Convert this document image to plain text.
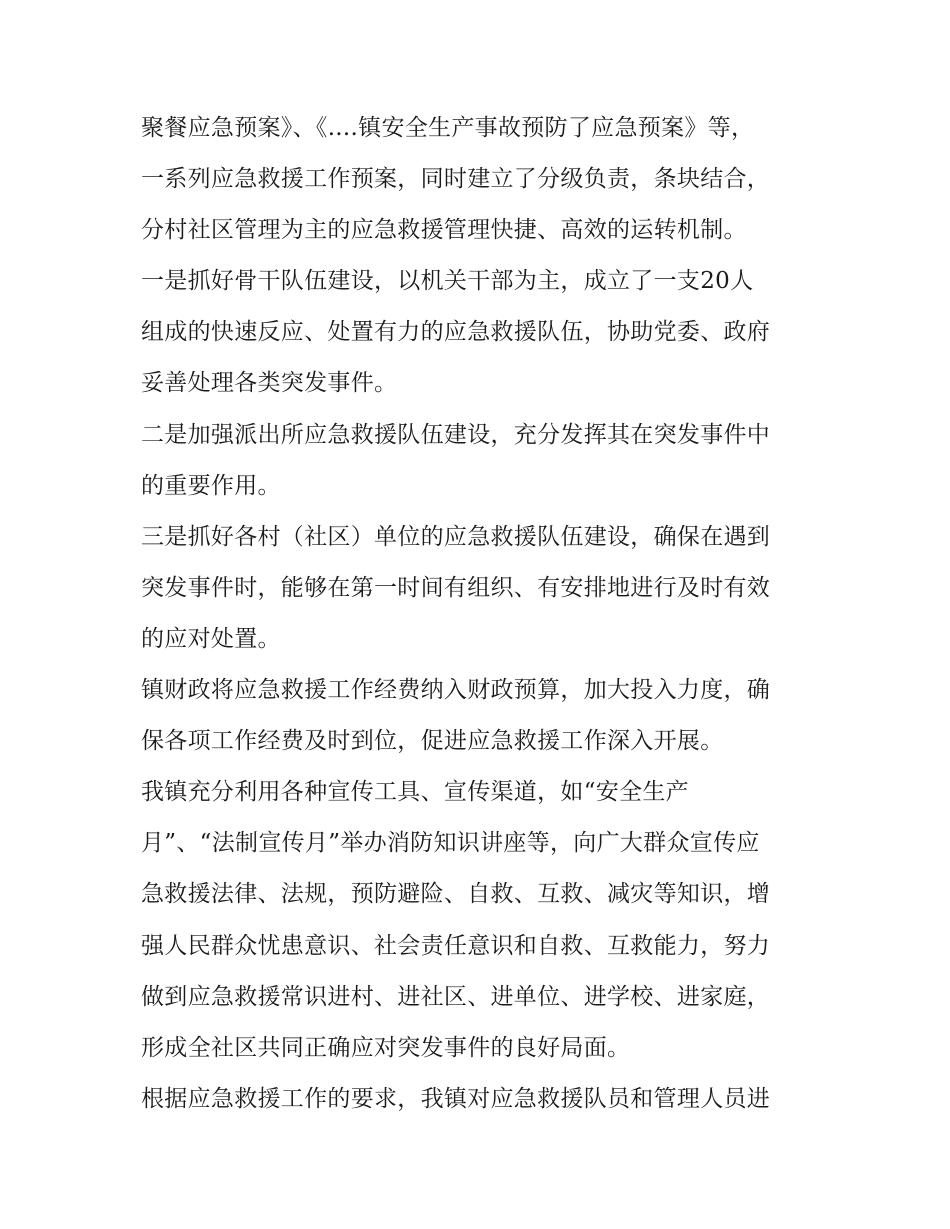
聚餐应急预案》、《....镇安全生产事故预防了应急预案》等，
一系列应急救援工作预案，同时建立了分级负责，条块结合，
分村社区管理为主的应急救援管理快捷、高效的运转机制。
一是抓好骨干队伍建设，以机关干部为主，成立了一支20人
组成的快速反应、处置有力的应急救援队伍，协助党委、政府
妥善处理各类突发事件。
二是加强派出所应急救援队伍建设，充分发挥其在突发事件中
的重要作用。
三是抓好各村（社区）单位的应急救援队伍建设，确保在遇到
突发事件时，能够在第一时间有组织、有安排地进行及时有效
的应对处置。
镇财政将应急救援工作经费纳入财政预算，加大投入力度，确
保各项工作经费及时到位，促进应急救援工作深入开展。
我镇充分利用各种宣传工具、宣传渠道，如“安全生产
月”、“法制宣传月”举办消防知识讲座等，向广大群众宣传应
急救援法律、法规，预防避险、自救、互救、减灾等知识，增
强人民群众忧患意识、社会责任意识和自救、互救能力，努力
做到应急救援常识进村、进社区、进单位、进学校、进家庭，
形成全社区共同正确应对突发事件的良好局面。
根据应急救援工作的要求，我镇对应急救援队员和管理人员进
